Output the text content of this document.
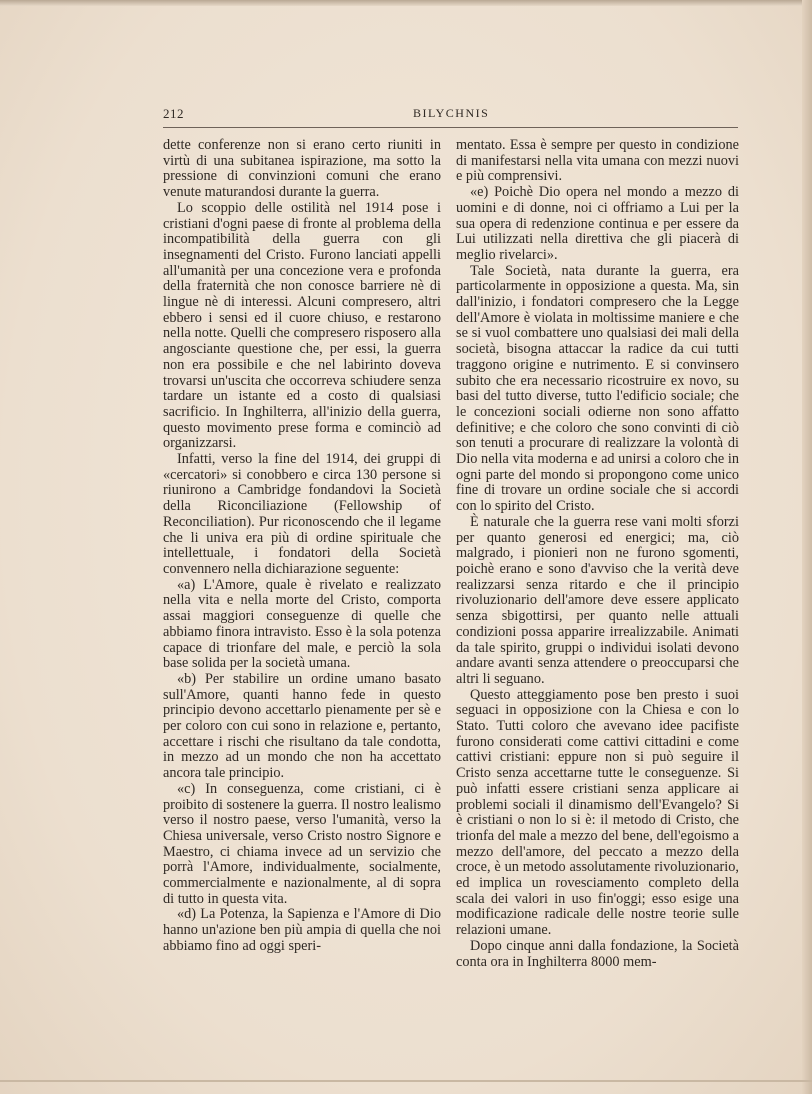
212	BILYCHNIS

dette conferenze non si erano certo riuniti in virtù di una subitanea ispirazione, ma sotto la pressione di convinzioni comuni che erano venute maturandosi durante la guerra.

Lo scoppio delle ostilità nel 1914 pose i cristiani d'ogni paese di fronte al problema della incompatibilità della guerra con gli insegnamenti del Cristo. Furono lanciati appelli all'umanità per una concezione vera e profonda della fraternità che non conosce barriere nè di lingue nè di interessi. Alcuni compresero, altri ebbero i sensi ed il cuore chiuso, e restarono nella notte. Quelli che compresero risposero alla angosciante questione che, per essi, la guerra non era possibile e che nel labirinto doveva trovarsi un'uscita che occorreva schiudere senza tardare un istante ed a costo di qualsiasi sacrificio. In Inghilterra, all'inizio della guerra, questo movimento prese forma e cominciò ad organizzarsi.

Infatti, verso la fine del 1914, dei gruppi di «cercatori» si conobbero e circa 130 persone si riunirono a Cambridge fondandovi la Società della Riconciliazione (Fellowship of Reconciliation). Pur riconoscendo che il legame che li univa era più di ordine spirituale che intellettuale, i fondatori della Società convennero nella dichiarazione seguente:

«a) L'Amore, quale è rivelato e realizzato nella vita e nella morte del Cristo, comporta assai maggiori conseguenze di quelle che abbiamo finora intravisto. Esso è la sola potenza capace di trionfare del male, e perciò la sola base solida per la società umana.

«b) Per stabilire un ordine umano basato sull'Amore, quanti hanno fede in questo principio devono accettarlo pienamente per sè e per coloro con cui sono in relazione e, pertanto, accettare i rischi che risultano da tale condotta, in mezzo ad un mondo che non ha accettato ancora tale principio.

«c) In conseguenza, come cristiani, ci è proibito di sostenere la guerra. Il nostro lealismo verso il nostro paese, verso l'umanità, verso la Chiesa universale, verso Cristo nostro Signore e Maestro, ci chiama invece ad un servizio che porrà l'Amore, individualmente, socialmente, commercialmente e nazionalmente, al di sopra di tutto in questa vita.

«d) La Potenza, la Sapienza e l'Amore di Dio hanno un'azione ben più ampia di quella che noi abbiamo fino ad oggi speri-

mentato. Essa è sempre per questo in condizione di manifestarsi nella vita umana con mezzi nuovi e più comprensivi.

«e) Poichè Dio opera nel mondo a mezzo di uomini e di donne, noi ci offriamo a Lui per la sua opera di redenzione continua e per essere da Lui utilizzati nella direttiva che gli piacerà di meglio rivelarci».

Tale Società, nata durante la guerra, era particolarmente in opposizione a questa. Ma, sin dall'inizio, i fondatori compresero che la Legge dell'Amore è violata in moltissime maniere e che se si vuol combattere uno qualsiasi dei mali della società, bisogna attaccar la radice da cui tutti traggono origine e nutrimento. E si convinsero subito che era necessario ricostruire ex novo, su basi del tutto diverse, tutto l'edificio sociale; che le concezioni sociali odierne non sono affatto definitive; e che coloro che sono convinti di ciò son tenuti a procurare di realizzare la volontà di Dio nella vita moderna e ad unirsi a coloro che in ogni parte del mondo si propongono come unico fine di trovare un ordine sociale che si accordi con lo spirito del Cristo.

È naturale che la guerra rese vani molti sforzi per quanto generosi ed energici; ma, ciò malgrado, i pionieri non ne furono sgomenti, poichè erano e sono d'avviso che la verità deve realizzarsi senza ritardo e che il principio rivoluzionario dell'amore deve essere applicato senza sbigottirsi, per quanto nelle attuali condizioni possa apparire irrealizzabile. Animati da tale spirito, gruppi o individui isolati devono andare avanti senza attendere o preoccuparsi che altri li seguano.

Questo atteggiamento pose ben presto i suoi seguaci in opposizione con la Chiesa e con lo Stato. Tutti coloro che avevano idee pacifiste furono considerati come cattivi cittadini e come cattivi cristiani: eppure non si può seguire il Cristo senza accettarne tutte le conseguenze. Si può infatti essere cristiani senza applicare ai problemi sociali il dinamismo dell'Evangelo? Si è cristiani o non lo si è: il metodo di Cristo, che trionfa del male a mezzo del bene, dell'egoismo a mezzo dell'amore, del peccato a mezzo della croce, è un metodo assolutamente rivoluzionario, ed implica un rovesciamento completo della scala dei valori in uso fin'oggi; esso esige una modificazione radicale delle nostre teorie sulle relazioni umane.

Dopo cinque anni dalla fondazione, la Società conta ora in Inghilterra 8000 mem-
